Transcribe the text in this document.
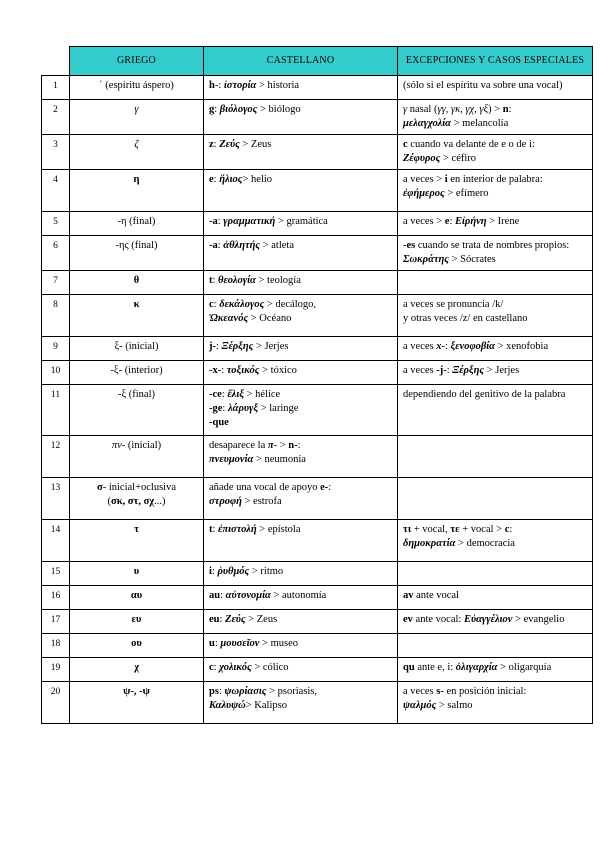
	GRIEGO	CASTELLANO	EXCEPCIONES Y CASOS ESPECIALES
1	῾ (espíritu áspero)	h-: ἱστορία > historia	(sólo si el espíritu va sobre una vocal)

2	γ	g: βιόλογος > biólogo	γ nasal (γγ, γκ, γχ, γξ) > n:
μελαγχολία > melancolía

3	ζ	z: Ζεύς > Zeus	c cuando va delante de e o de i:
Ζέφυρος > céfiro

4	η	e: ἥλιος> helio	a veces > i en interior de palabra:
ἐφήμερος > efímero

5	-η (final)	-a: γραμματική > gramática	a veces > e: Εἰρήνη > Irene

6	-ης (final)	-a: ἀθλητής > atleta	-es cuando se trata de nombres propios:
Σωκράτης > Sócrates

7	θ	t: θεολογία > teología	

8	κ	c: δεκάλογος > decálogo,
Ὠκεανός > Océano	a veces se pronuncia /k/
y otras veces /z/ en castellano

9	ξ- (inicial)	j-: Ξέρξης > Jerjes	a veces x-: ξενοφοβία > xenofobia

10	-ξ- (interior)	-x-: τοξικός > tóxico	a veces -j-: Ξέρξης > Jerjes

11	-ξ (final)	-ce: ἕλιξ > hélice
-ge: λάρυγξ > laringe
-que	dependiendo del genitivo de la palabra

12	πν- (inicial)	desaparece la π- > n-:
πνευμονία > neumonía	

13	σ- inicial+oclusiva
(σκ, στ, σχ...)	añade una vocal de apoyo e-:
στροφή > estrofa	

14	τ	t: ἐπιστολή > epístola	τι + vocal, τε + vocal > c:
δημοκρατία > democracia

15	υ	i: ῥυθμός > ritmo	

16	αυ	au: αὐτονομία > autonomía	av ante vocal

17	ευ	eu: Ζεύς > Zeus	ev ante vocal: Εὐαγγέλιον > evangelio

18	ου	u: μουσεῖον > museo	

19	χ	c: χολικός > cólico	qu ante e, i: ὀλιγαρχία > oligarquía

20	ψ-, -ψ	ps: ψωρίασις > psoriasis,
Καλυψώ> Kalipso	a veces s- en posición inicial:
ψαλμός > salmo
